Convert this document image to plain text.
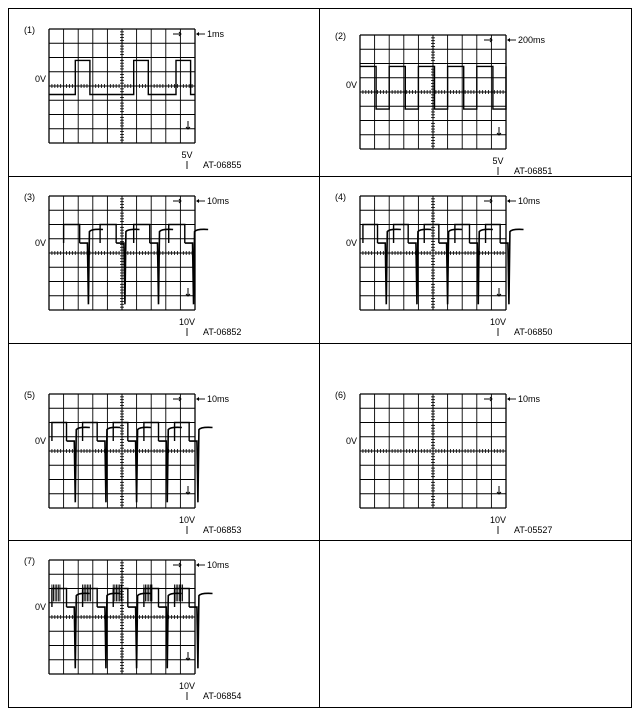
(1)
0V
1ms
5V
AT-06855	(2)
0V
200ms
5V
AT-06851

(3)
0V
10ms
10V
AT-06852	(4)
0V
10ms
10V
AT-06850

(5)
0V
10ms
10V
AT-06853	(6)
0V
10ms
10V
AT-05527

(7)
0V
10ms
10V
AT-06854	
